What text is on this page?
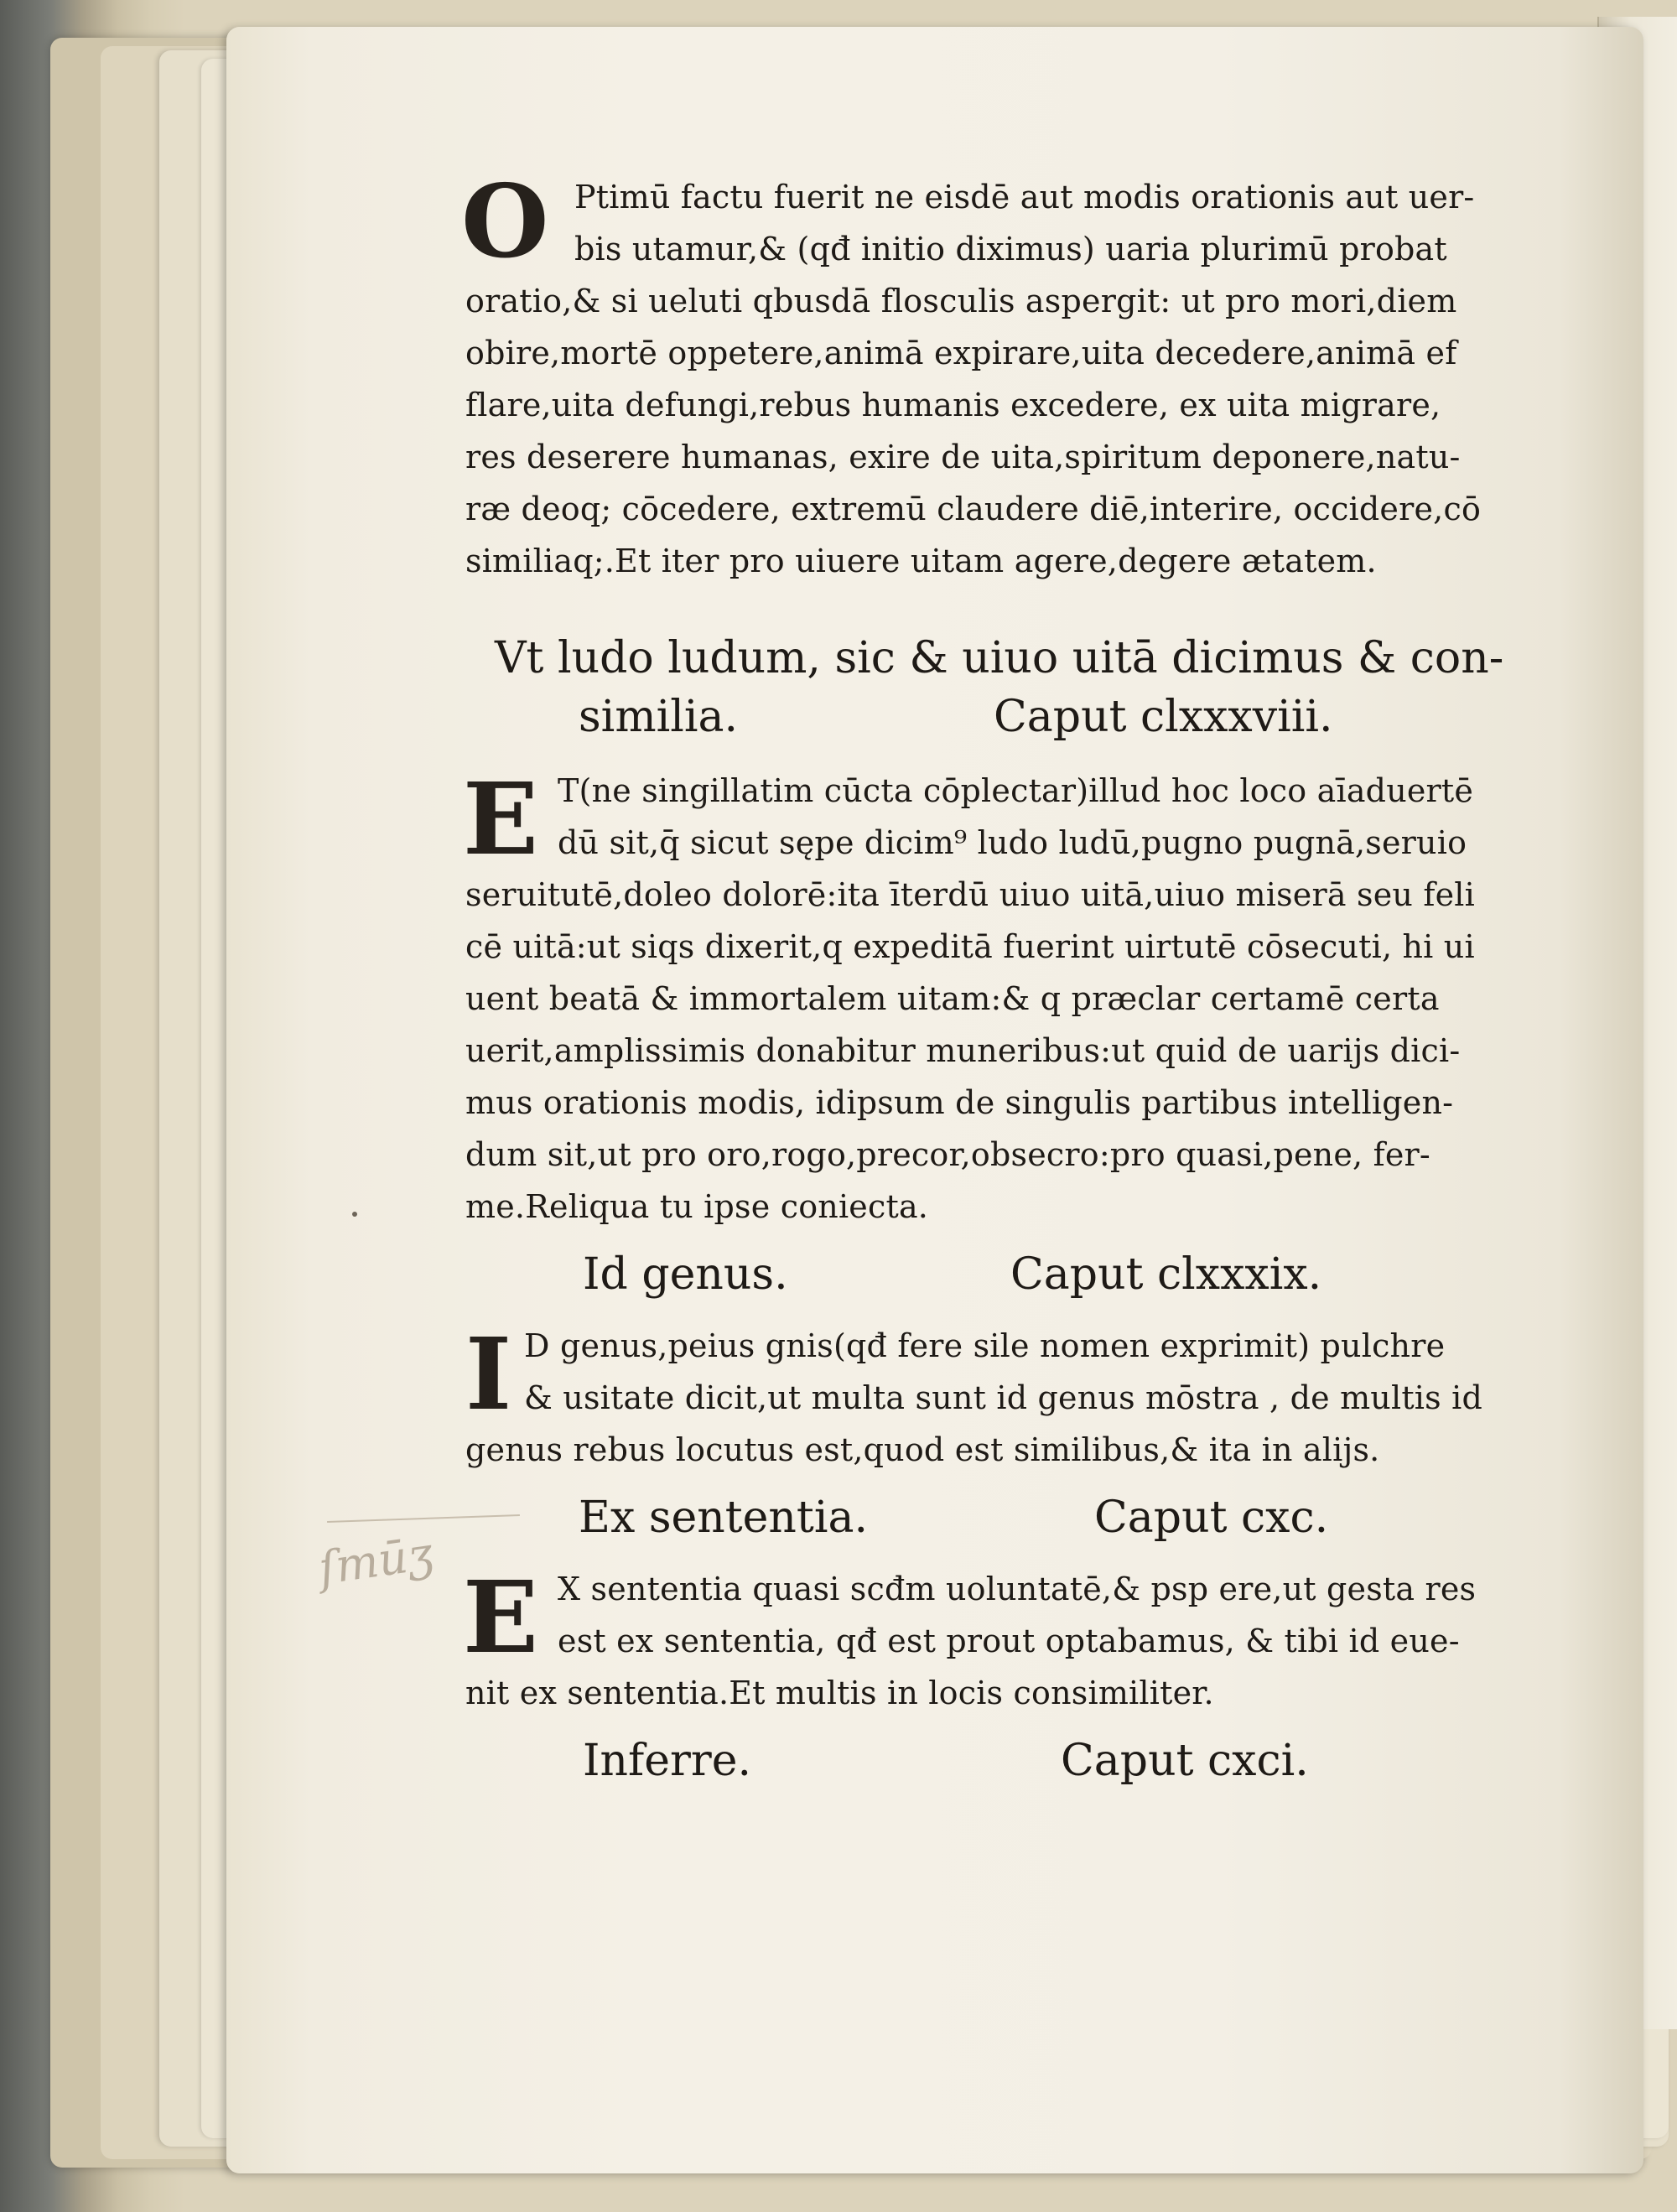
ſmūʒ
O Ptimū factu fuerit ne eisdē aut modis orationis aut uer-
bis utamur,& (qđ initio diximus) uaria plurimū probat
oratio,& si ueluti qbusdā flosculis aspergit: ut pro mori,diem
obire,mortē oppetere,animā expirare,uita decedere,animā ef
flare,uita defungi,rebus humanis excedere, ex uita migrare,
res deserere humanas, exire de uita,spiritum deponere,natu-
ræ deoq; cōcedere, extremū claudere diē,interire, occidere,cō
similiaq;.Et iter pro uiuere uitam agere,degere ætatem.
Vt ludo ludum, sic & uiuo uitā dicimus & con-
similia.	Caput clxxxviii.
E T(ne singillatim cūcta cōplectar)illud hoc loco aīaduertē
dū sit,q̄ sicut sępe dicim⁹ ludo ludū,pugno pugnā,seruio
seruitutē,doleo dolorē:ita īterdū uiuo uitā,uiuo miserā seu feli
cē uitā:ut siqs dixerit,q expeditā fuerint uirtutē cōsecuti, hi ui
uent beatā & immortalem uitam:& q præclar certamē certa
uerit,amplissimis donabitur muneribus:ut quid de uarijs dici-
mus orationis modis, idipsum de singulis partibus intelligen-
dum sit,ut pro oro,rogo,precor,obsecro:pro quasi,pene, fer-
me.Reliqua tu ipse coniecta.
Id genus.	Caput clxxxix.
I D genus,peius gnis(qđ fere sile nomen exprimit) pulchre
& usitate dicit,ut multa sunt id genus mōstra , de multis id
genus rebus locutus est,quod est similibus,& ita in alijs.
Ex sententia.	Caput cxc.
E X sententia quasi scđm uoluntatē,& psp ere,ut gesta res
est ex sententia, qđ est prout optabamus, & tibi id eue-
nit ex sententia.Et multis in locis consimiliter.
Inferre.	Caput cxci.
